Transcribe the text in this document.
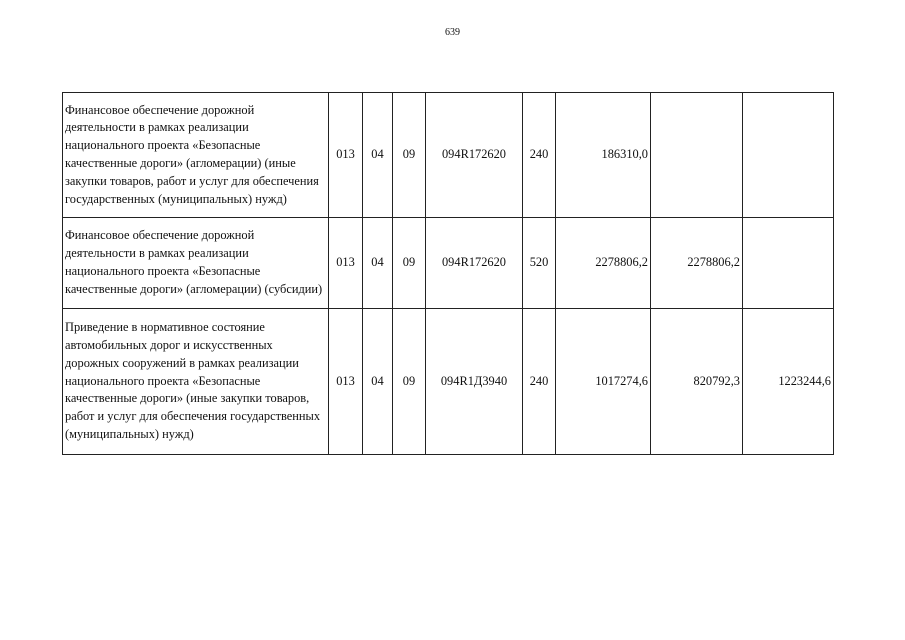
639
Финансовое обеспечение дорожной деятельности в рамках реализации национального проекта «Безопасные качественные дороги» (агломерации) (иные закупки товаров, работ и услуг для обеспечения государственных (муниципальных) нужд)	013	04	09	094R172620	240	186310,0		
Финансовое обеспечение дорожной деятельности в рамках реализации национального проекта «Безопасные качественные дороги» (агломерации) (субсидии)	013	04	09	094R172620	520	2278806,2	2278806,2	
Приведение в нормативное состояние автомобильных дорог и искусственных дорожных сооружений в рамках реализации национального проекта «Безопасные качественные дороги» (иные закупки товаров, работ и услуг для обеспечения государственных (муниципальных) нужд)	013	04	09	094R1Д3940	240	1017274,6	820792,3	1223244,6
